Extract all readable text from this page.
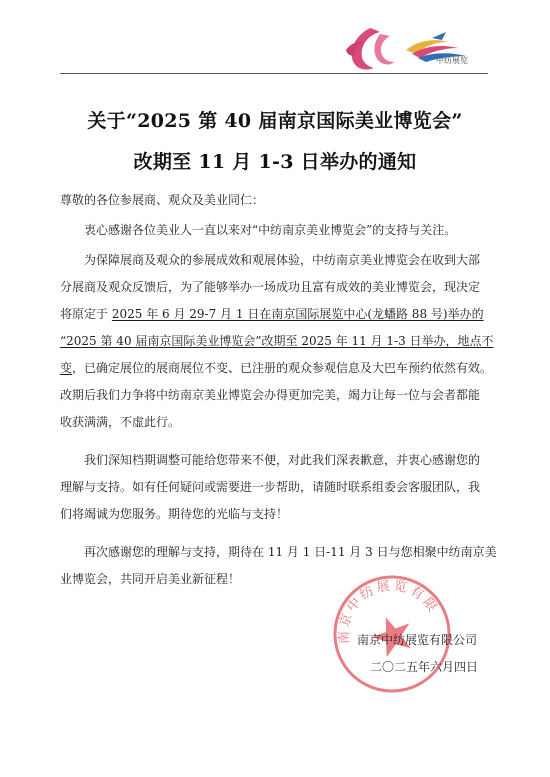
中纺展览
关于“2025 第 40 届南京国际美业博览会”
改期至 11 月 1-3 日举办的通知
尊敬的各位参展商、观众及美业同仁：
衷心感谢各位美业人一直以来对“中纺南京美业博览会”的支持与关注。
为保障展商及观众的参展成效和观展体验，中纺南京美业博览会在收到大部
分展商及观众反馈后，为了能够举办一场成功且富有成效的美业博览会，现决定
将原定于 2025 年 6 月 29-7 月 1 日在南京国际展览中心(龙蟠路 88 号)举办的
“2025 第 40 届南京国际美业博览会”改期至 2025 年 11 月 1-3 日举办，地点不
变，已确定展位的展商展位不变、已注册的观众参观信息及大巴车预约依然有效。
改期后我们力争将中纺南京美业博览会办得更加完美，竭力让每一位与会者都能
收获满满，不虚此行。
我们深知档期调整可能给您带来不便，对此我们深表歉意，并衷心感谢您的
理解与支持。如有任何疑问或需要进一步帮助，请随时联系组委会客服团队，我
们将竭诚为您服务。期待您的光临与支持！
再次感谢您的理解与支持，期待在 11 月 1 日-11 月 3 日与您相聚中纺南京美
业博览会，共同开启美业新征程！
南京中纺展览有限公司
南京中纺展览有限公司
二〇二五年六月四日
